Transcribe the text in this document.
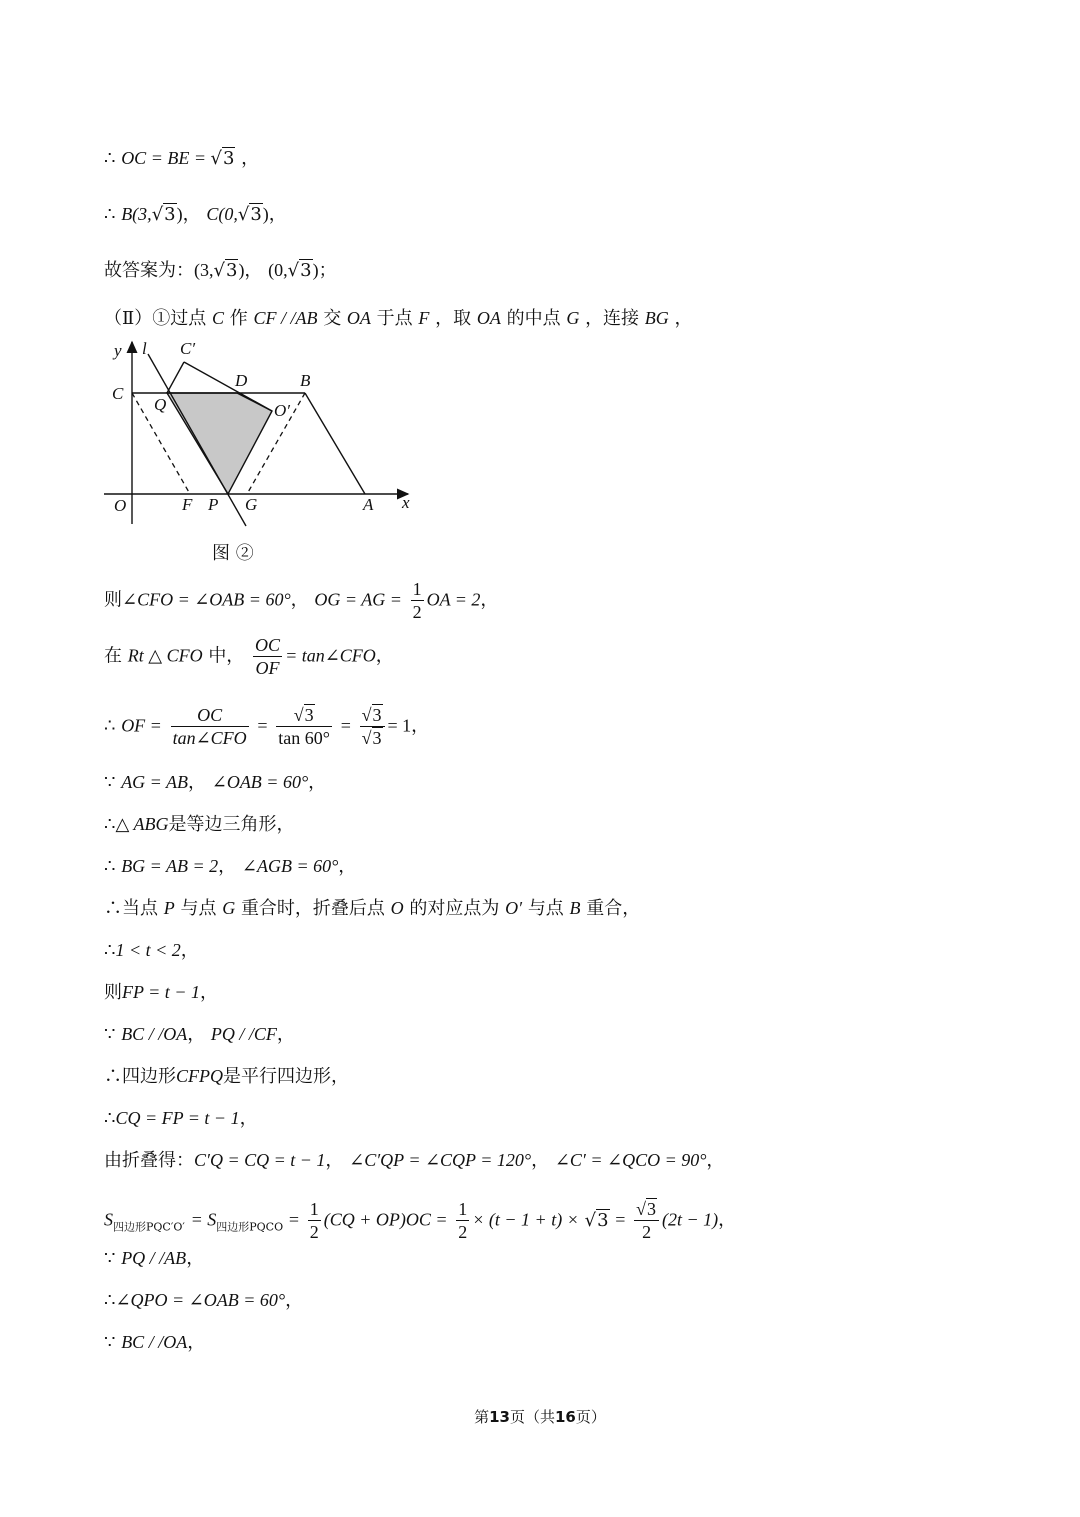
∴ OC = BE = √3 ，
∴ B(3,√3)， C(0,√3)，
故答案为：(3,√3)， (0,√3)；
（Ⅱ）①过点 C 作 CF / /AB 交 OA 于点 F ，取 OA 的中点 G ，连接 BG ，
y l C′
D	B
C
Q	O′
O	F P G	A x
图 ②
则∠CFO = ∠OAB = 60°， OG = AG = $\frac{1}{2}$ OA = 2，
在 Rt △ CFO 中， $\frac{OC}{OF}$ = tan∠CFO，
∴ OF = $\frac{OC}{\text{tan∠CFO}} = \frac{√3}{\tan 60^\circ} = \frac{√3}{√3} = 1$，
∵ AG = AB， ∠OAB = 60°，
∴△ ABG是等边三角形，
∴ BG = AB = 2， ∠AGB = 60°，
∴当点 P 与点 G 重合时，折叠后点 O 的对应点为 O′ 与点 B 重合，
∴1 < t < 2，
则FP = t − 1，
∵ BC / /OA， PQ / /CF，
∴四边形CFPQ是平行四边形，
∴CQ = FP = t − 1，
由折叠得：C′Q = CQ = t − 1， ∠C′QP = ∠CQP = 120°， ∠C′ = ∠QCO = 90°，
$S_{四边形PQC'O'} = S_{四边形PQCO} = \frac{1}{2} (CQ + OP)OC = \frac{1}{2} \times (t - 1 + t) \times √3 = \frac{√3}{2} (2t - 1)$，
∵ PQ / /AB，
∴∠QPO = ∠OAB = 60°，
∵ BC / /OA，
第13页（共16页）
